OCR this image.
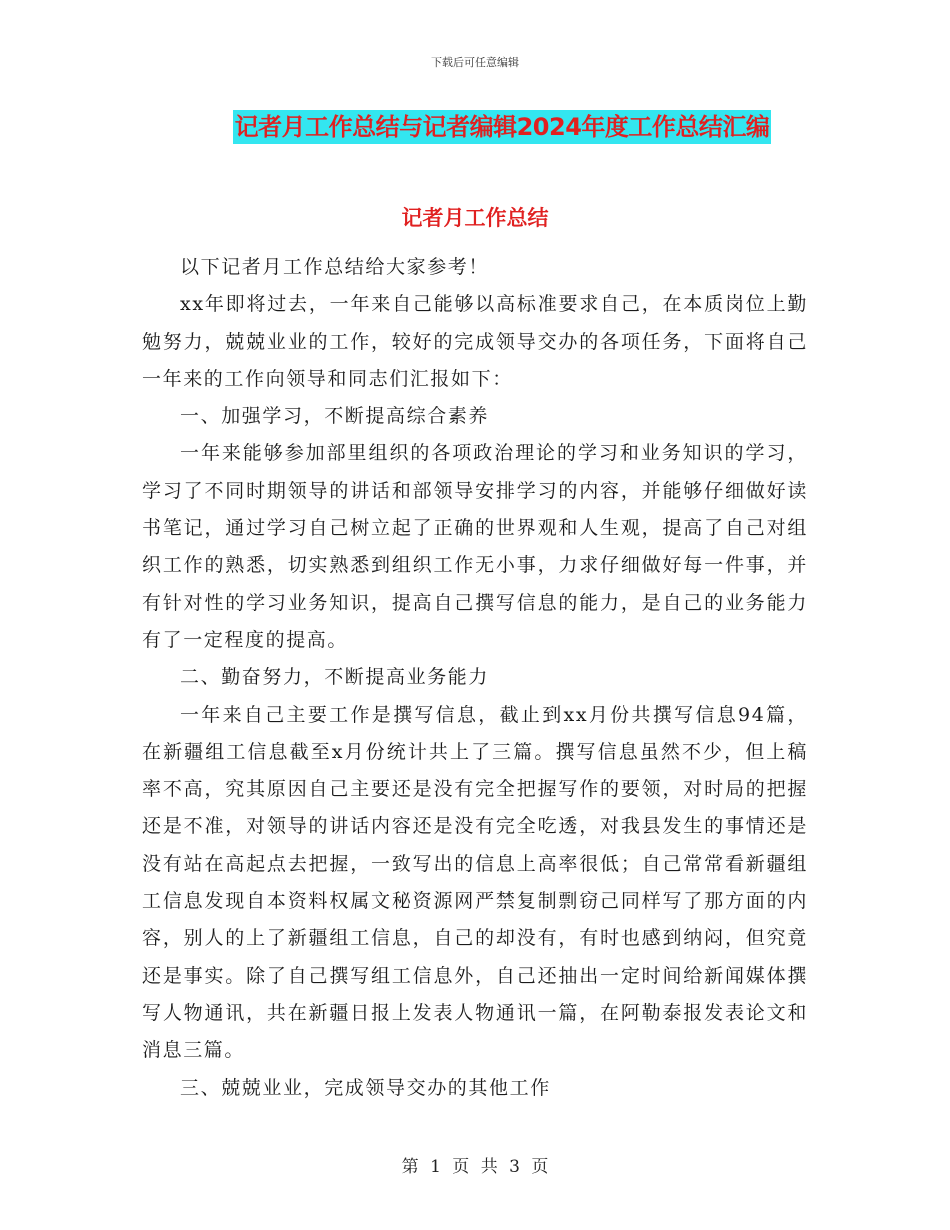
下载后可任意编辑
记者月工作总结与记者编辑2024年度工作总结汇编
记者月工作总结

以下记者月工作总结给大家参考！

xx年即将过去，一年来自己能够以高标准要求自己，在本质岗位上勤勉努力，兢兢业业的工作，较好的完成领导交办的各项任务，下面将自己一年来的工作向领导和同志们汇报如下：

一、加强学习，不断提高综合素养

一年来能够参加部里组织的各项政治理论的学习和业务知识的学习，学习了不同时期领导的讲话和部领导安排学习的内容，并能够仔细做好读书笔记，通过学习自己树立起了正确的世界观和人生观，提高了自己对组织工作的熟悉，切实熟悉到组织工作无小事，力求仔细做好每一件事，并有针对性的学习业务知识，提高自己撰写信息的能力，是自己的业务能力有了一定程度的提高。

二、勤奋努力，不断提高业务能力

一年来自己主要工作是撰写信息，截止到xx月份共撰写信息94篇，在新疆组工信息截至x月份统计共上了三篇。撰写信息虽然不少，但上稿率不高，究其原因自己主要还是没有完全把握写作的要领，对时局的把握还是不准，对领导的讲话内容还是没有完全吃透，对我县发生的事情还是没有站在高起点去把握，一致写出的信息上高率很低；自己常常看新疆组工信息发现自本资料权属文秘资源网严禁复制剽窃己同样写了那方面的内容，别人的上了新疆组工信息，自己的却没有，有时也感到纳闷，但究竟还是事实。除了自己撰写组工信息外，自己还抽出一定时间给新闻媒体撰写人物通讯，共在新疆日报上发表人物通讯一篇，在阿勒泰报发表论文和消息三篇。

三、兢兢业业，完成领导交办的其他工作

第 1 页 共 3 页
